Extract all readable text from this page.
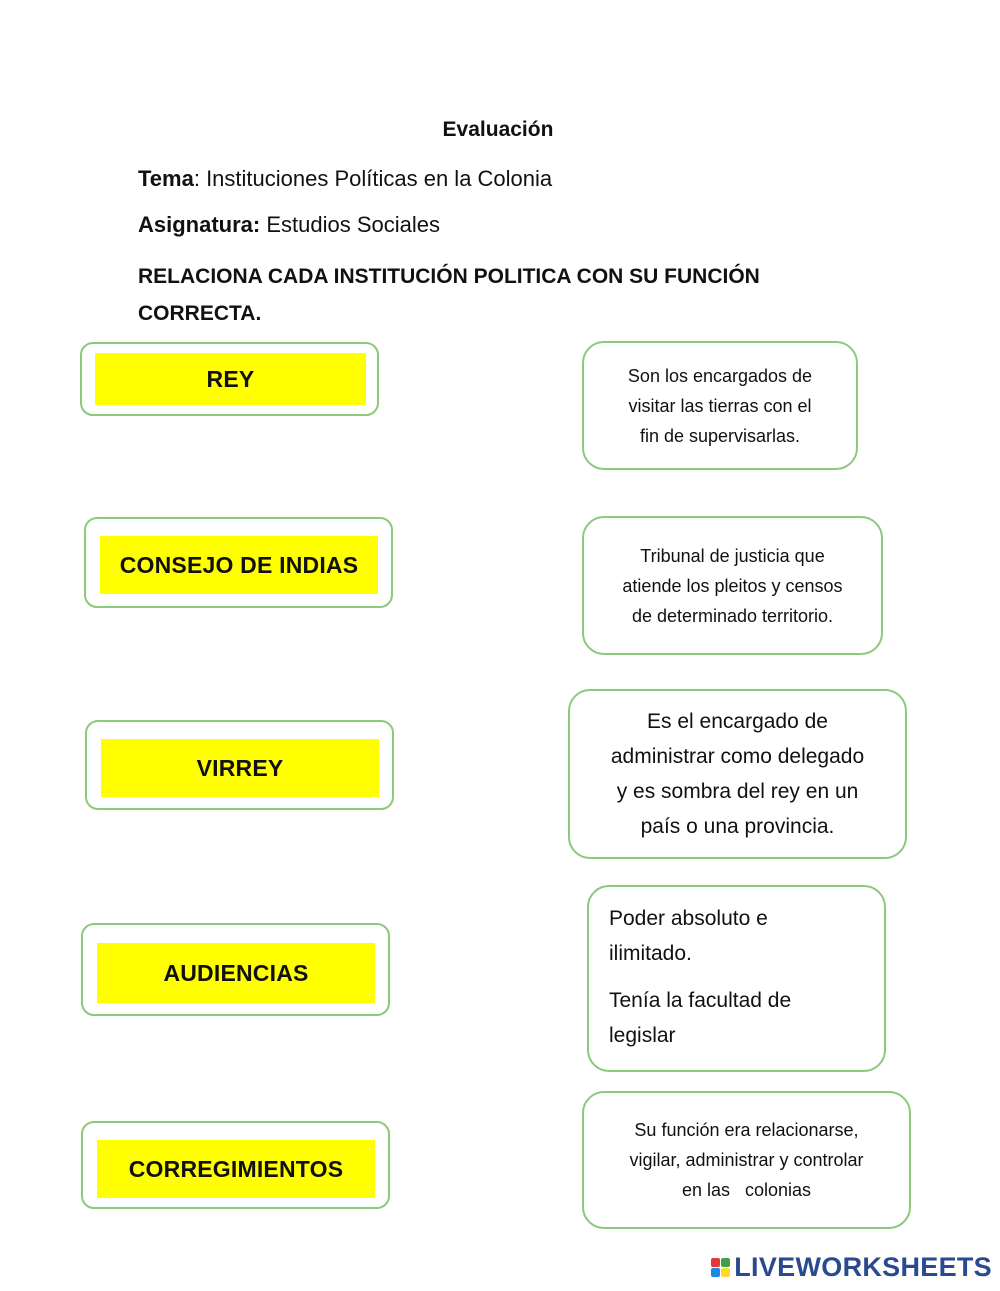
Evaluación
Tema: Instituciones Políticas en la Colonia
Asignatura: Estudios Sociales
RELACIONA CADA INSTITUCIÓN POLITICA CON SU FUNCIÓN
CORRECTA.
REY
CONSEJO DE INDIAS
VIRREY
AUDIENCIAS
CORREGIMIENTOS
Son los encargados de
visitar las tierras con el
fin de supervisarlas.
Tribunal de justicia que
atiende los pleitos y censos
de determinado territorio.
Es el encargado de
administrar como delegado
y es sombra del rey en un
país o una provincia.

Poder absoluto e ilimitado.

Tenía la facultad de legislar

Su función era relacionarse,
vigilar, administrar y controlar
en las   colonias
LIVEWORKSHEETS
